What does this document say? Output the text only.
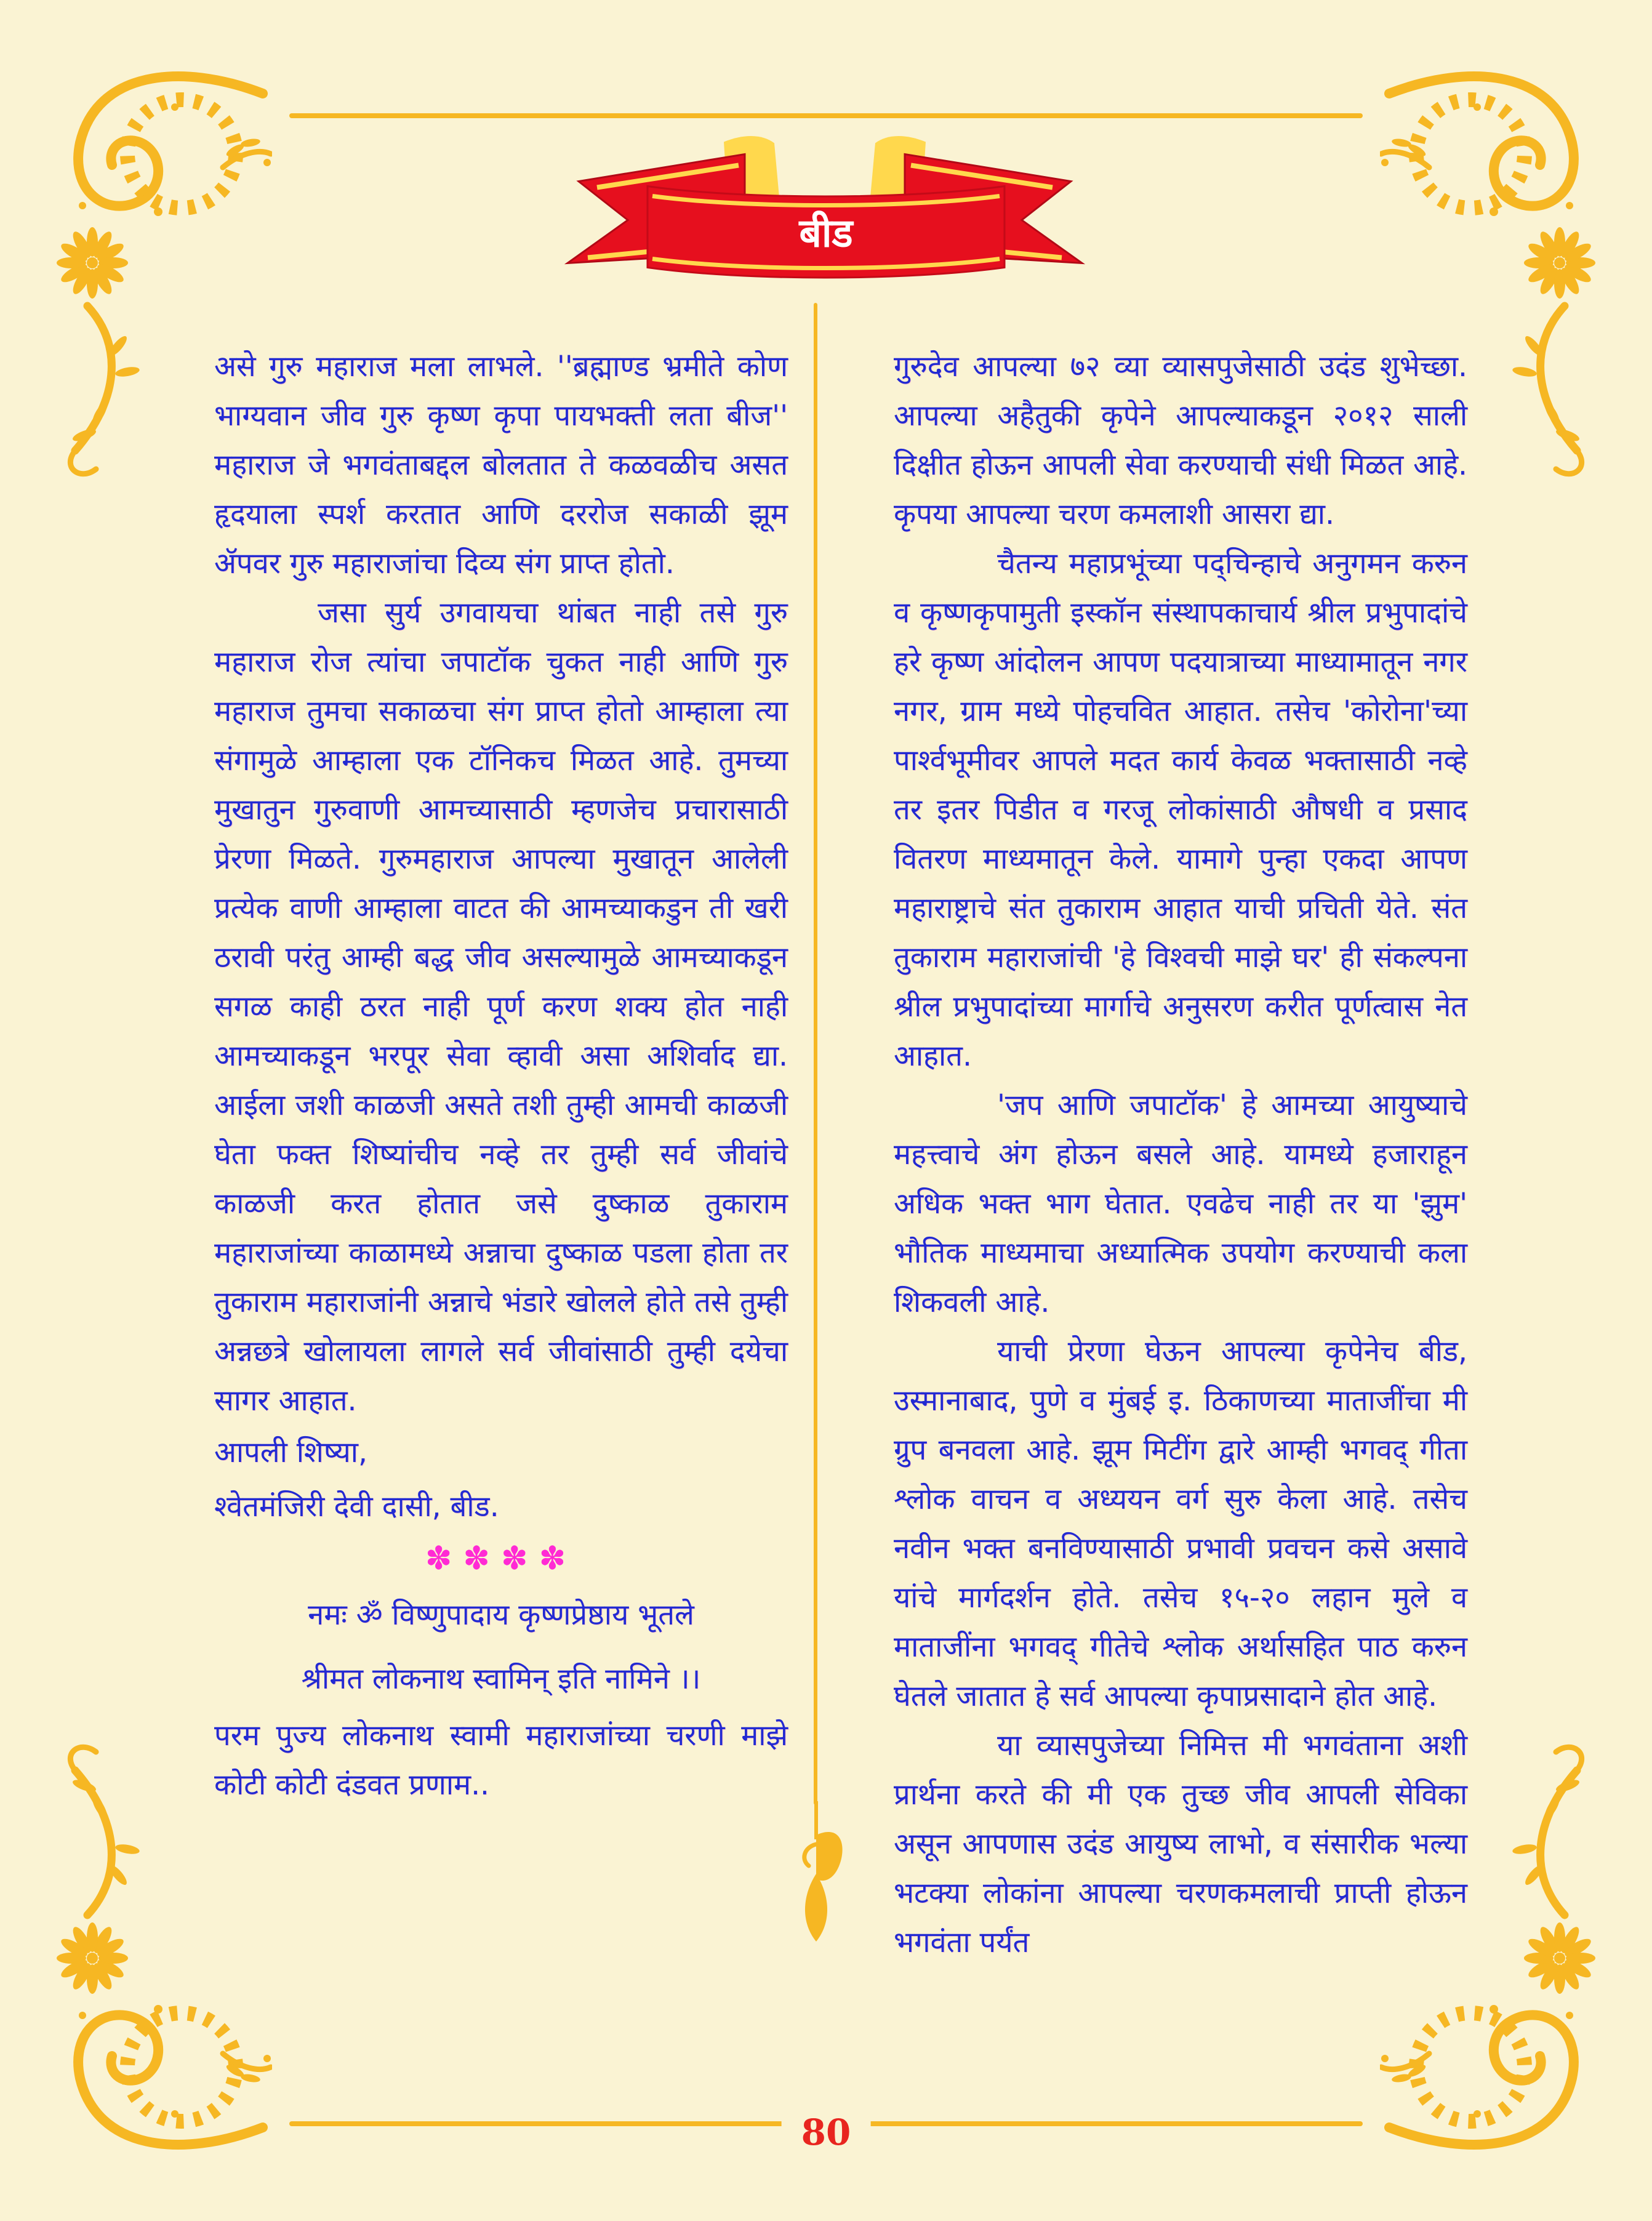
बीड

असे गुरु महाराज मला लाभले. ''ब्रह्माण्ड भ्रमीते कोण भाग्यवान जीव गुरु कृष्ण कृपा पायभक्ती लता बीज'' महाराज जे भगवंताबद्दल बोलतात ते कळवळीच असत हृदयाला स्पर्श करतात आणि दररोज सकाळी झूम ॲपवर गुरु महाराजांचा दिव्य संग प्राप्त होतो.

जसा सुर्य उगवायचा थांबत नाही तसे गुरु महाराज रोज त्यांचा जपाटॉक चुकत नाही आणि गुरु महाराज तुमचा सकाळचा संग प्राप्त होतो आम्हाला त्या संगामुळे आम्हाला एक टॉनिकच मिळत आहे. तुमच्या मुखातुन गुरुवाणी आमच्यासाठी म्हणजेच प्रचारासाठी प्रेरणा मिळते. गुरुमहाराज आपल्या मुखातून आलेली प्रत्येक वाणी आम्हाला वाटत की आमच्याकडुन ती खरी ठरावी परंतु आम्ही बद्ध जीव असल्यामुळे आमच्याकडून सगळ काही ठरत नाही पूर्ण करण शक्य होत नाही आमच्याकडून भरपूर सेवा व्हावी असा अशिर्वाद द्या. आईला जशी काळजी असते तशी तुम्ही आमची काळजी घेता फक्त शिष्यांचीच नव्हे तर तुम्ही सर्व जीवांचे काळजी करत होतात जसे दुष्काळ तुकाराम महाराजांच्या काळामध्ये अन्नाचा दुष्काळ पडला होता तर तुकाराम महाराजांनी अन्नाचे भंडारे खोलले होते तसे तुम्ही अन्नछत्रे खोलायला लागले सर्व जीवांसाठी तुम्ही दयेचा सागर आहात.

आपली शिष्या,

श्वेतमंजिरी देवी दासी, बीड.

✽✽✽✽

नमः ॐ विष्णुपादाय कृष्णप्रेष्ठाय भूतले

श्रीमत लोकनाथ स्वामिन् इति नामिने ।।

परम पुज्य लोकनाथ स्वामी महाराजांच्या चरणी माझे कोटी कोटी दंडवत प्रणाम..

गुरुदेव आपल्या ७२ व्या व्यासपुजेसाठी उदंड शुभेच्छा. आपल्या अहैतुकी कृपेने आपल्याकडून २०१२ साली दिक्षीत होऊन आपली सेवा करण्याची संधी मिळत आहे. कृपया आपल्या चरण कमलाशी आसरा द्या.

चैतन्य महाप्रभूंच्या पद्चिन्हाचे अनुगमन करुन व कृष्णकृपामुती इस्कॉन संस्थापकाचार्य श्रील प्रभुपादांचे हरे कृष्ण आंदोलन आपण पदयात्राच्या माध्यामातून नगर नगर, ग्राम मध्ये पोहचवित आहात. तसेच 'कोरोना'च्या पार्श्वभूमीवर आपले मदत कार्य केवळ भक्तासाठी नव्हे तर इतर पिडीत व गरजू लोकांसाठी औषधी व प्रसाद वितरण माध्यमातून केले. यामागे पुन्हा एकदा आपण महाराष्ट्राचे संत तुकाराम आहात याची प्रचिती येते. संत तुकाराम महाराजांची 'हे विश्वची माझे घर' ही संकल्पना श्रील प्रभुपादांच्या मार्गाचे अनुसरण करीत पूर्णत्वास नेत आहात.

'जप आणि जपाटॉक' हे आमच्या आयुष्याचे महत्त्वाचे अंग होऊन बसले आहे. यामध्ये हजाराहून अधिक भक्त भाग घेतात. एवढेच नाही तर या 'झुम' भौतिक माध्यमाचा अध्यात्मिक उपयोग करण्याची कला शिकवली आहे.

याची प्रेरणा घेऊन आपल्या कृपेनेच बीड, उस्मानाबाद, पुणे व मुंबई इ. ठिकाणच्या माताजींचा मी ग्रुप बनवला आहे. झूम मिटींग द्वारे आम्ही भगवद् गीता श्लोक वाचन व अध्ययन वर्ग सुरु केला आहे. तसेच नवीन भक्त बनविण्यासाठी प्रभावी प्रवचन कसे असावे यांचे मार्गदर्शन होते. तसेच १५-२० लहान मुले व माताजींना भगवद् गीतेचे श्लोक अर्थासहित पाठ करुन घेतले जातात हे सर्व आपल्या कृपाप्रसादाने होत आहे.

या व्यासपुजेच्या निमित्त मी भगवंताना अशी प्रार्थना करते की मी एक तुच्छ जीव आपली सेविका असून आपणास उदंड आयुष्य लाभो, व संसारीक भल्या भटक्या लोकांना आपल्या चरणकमलाची प्राप्ती होऊन भगवंता पर्यंत

80
